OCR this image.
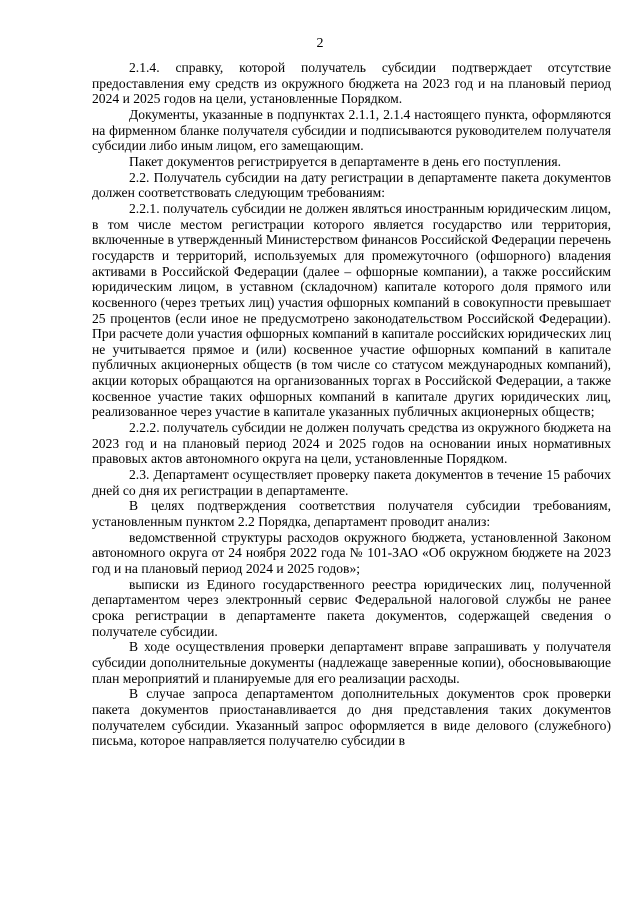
2

2.1.4. справку, которой получатель субсидии подтверждает отсутствие предоставления ему средств из окружного бюджета на 2023 год и на плановый период 2024 и 2025 годов на цели, установленные Порядком.

Документы, указанные в подпунктах 2.1.1, 2.1.4 настоящего пункта, оформляются на фирменном бланке получателя субсидии и подписываются руководителем получателя субсидии либо иным лицом, его замещающим.

Пакет документов регистрируется в департаменте в день его поступления.

2.2. Получатель субсидии на дату регистрации в департаменте пакета документов должен соответствовать следующим требованиям:

2.2.1. получатель субсидии не должен являться иностранным юридическим лицом, в том числе местом регистрации которого является государство или территория, включенные в утвержденный Министерством финансов Российской Федерации перечень государств и территорий, используемых для промежуточного (офшорного) владения активами в Российской Федерации (далее – офшорные компании), а также российским юридическим лицом, в уставном (складочном) капитале которого доля прямого или косвенного (через третьих лиц) участия офшорных компаний в совокупности превышает 25 процентов (если иное не предусмотрено законодательством Российской Федерации). При расчете доли участия офшорных компаний в капитале российских юридических лиц не учитывается прямое и (или) косвенное участие офшорных компаний в капитале публичных акционерных обществ (в том числе со статусом международных компаний), акции которых обращаются на организованных торгах в Российской Федерации, а также косвенное участие таких офшорных компаний в капитале других юридических лиц, реализованное через участие в капитале указанных публичных акционерных обществ;

2.2.2. получатель субсидии не должен получать средства из окружного бюджета на 2023 год и на плановый период 2024 и 2025 годов на основании иных нормативных правовых актов автономного округа на цели, установленные Порядком.

2.3. Департамент осуществляет проверку пакета документов в течение 15 рабочих дней со дня их регистрации в департаменте.

В целях подтверждения соответствия получателя субсидии требованиям, установленным пунктом 2.2 Порядка, департамент проводит анализ:

ведомственной структуры расходов окружного бюджета, установленной Законом автономного округа от 24 ноября 2022 года № 101-ЗАО «Об окружном бюджете на 2023 год и на плановый период 2024 и 2025 годов»;

выписки из Единого государственного реестра юридических лиц, полученной департаментом через электронный сервис Федеральной налоговой службы не ранее срока регистрации в департаменте пакета документов, содержащей сведения о получателе субсидии.

В ходе осуществления проверки департамент вправе запрашивать у получателя субсидии дополнительные документы (надлежаще заверенные копии), обосновывающие план мероприятий и планируемые для его реализации расходы.

В случае запроса департаментом дополнительных документов срок проверки пакета документов приостанавливается до дня представления таких документов получателем субсидии. Указанный запрос оформляется в виде делового (служебного) письма, которое направляется получателю субсидии в
